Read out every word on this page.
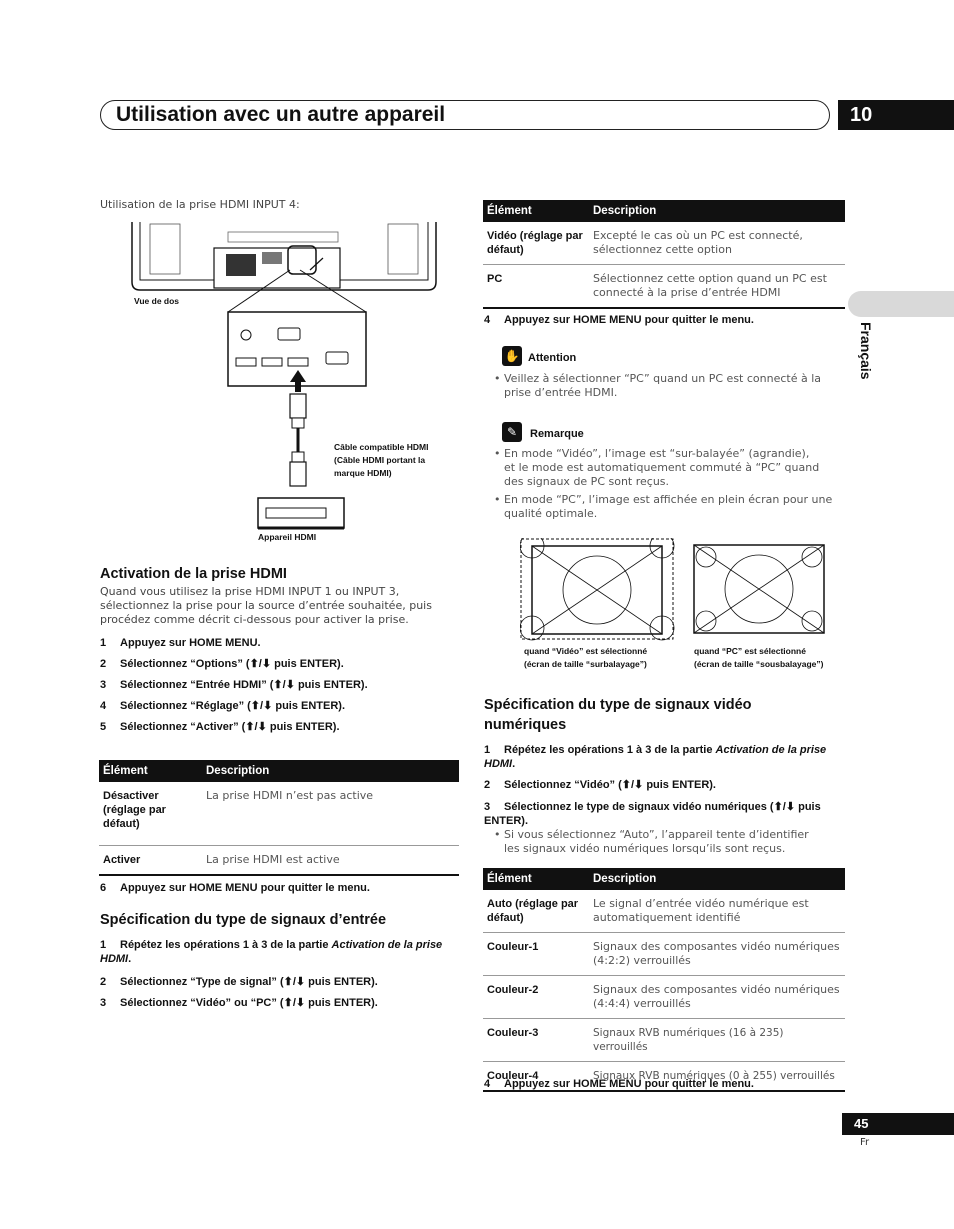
Utilisation avec un autre appareil	10
Français
Utilisation de la prise HDMI INPUT 4:
Vue de dos
Câble compatible HDMI
(Câble HDMI portant la
marque HDMI)
Appareil HDMI
Activation de la prise HDMI
Quand vous utilisez la prise HDMI INPUT 1 ou INPUT 3, sélectionnez la prise pour la source d’entrée souhaitée, puis procédez comme décrit ci-dessous pour activer la prise.
1 Appuyez sur HOME MENU.
2 Sélectionnez “Options” (⬆/⬇ puis ENTER).
3 Sélectionnez “Entrée HDMI” (⬆/⬇ puis ENTER).
4 Sélectionnez “Réglage” (⬆/⬇ puis ENTER).
5 Sélectionnez “Activer” (⬆/⬇ puis ENTER).
Élément	Description
Désactiver (réglage par défaut)	La prise HDMI n’est pas active
Activer	La prise HDMI est active
6 Appuyez sur HOME MENU pour quitter le menu.
Spécification du type de signaux d’entrée
1 Répétez les opérations 1 à 3 de la partie Activation de la prise HDMI.
2 Sélectionnez “Type de signal” (⬆/⬇ puis ENTER).
3 Sélectionnez “Vidéo” ou “PC” (⬆/⬇ puis ENTER).
Élément	Description
Vidéo (réglage par défaut)	Excepté le cas où un PC est connecté, sélectionnez cette option
PC	Sélectionnez cette option quand un PC est connecté à la prise d’entrée HDMI
4 Appuyez sur HOME MENU pour quitter le menu.
✋ Attention
• Veillez à sélectionner “PC” quand un PC est connecté à la prise d’entrée HDMI.
✎	Remarque
• En mode “Vidéo”, l’image est “sur-balayée” (agrandie), et le mode est automatiquement commuté à “PC” quand des signaux de PC sont reçus.
• En mode “PC”, l’image est affichée en plein écran pour une qualité optimale.
quand “Vidéo” est sélectionné
(écran de taille “surbalayage”)
quand “PC” est sélectionné
(écran de taille “sousbalayage”)
Spécification du type de signaux vidéo
numériques
1 Répétez les opérations 1 à 3 de la partie Activation de la prise HDMI.
2 Sélectionnez “Vidéo” (⬆/⬇ puis ENTER).
3 Sélectionnez le type de signaux vidéo numériques (⬆/⬇ puis ENTER).
• Si vous sélectionnez “Auto”, l’appareil tente d’identifier les signaux vidéo numériques lorsqu’ils sont reçus.
Élément	Description
Auto (réglage par défaut)	Le signal d’entrée vidéo numérique est automatiquement identifié
Couleur-1	Signaux des composantes vidéo numériques (4:2:2) verrouillés
Couleur-2	Signaux des composantes vidéo numériques (4:4:4) verrouillés
Couleur-3	Signaux RVB numériques (16 à 235) verrouillés
Couleur-4	Signaux RVB numériques (0 à 255) verrouillés
4 Appuyez sur HOME MENU pour quitter le menu.
45
Fr
